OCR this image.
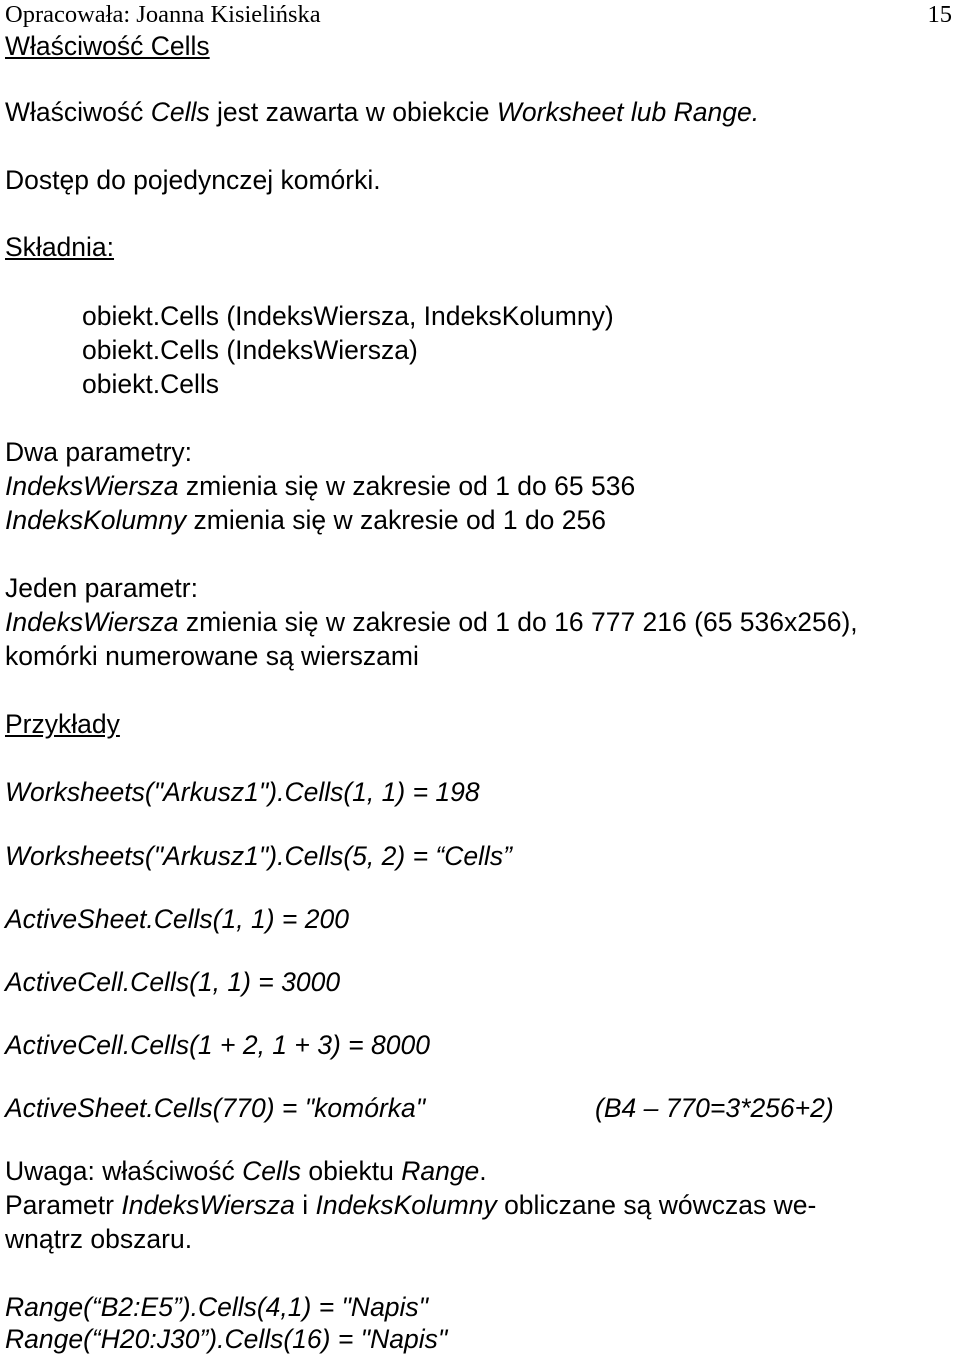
Opracowała: Joanna Kisielińska	15

Właściwość Cells

Właściwość Cells jest zawarta w obiekcie Worksheet lub Range.

Dostęp do pojedynczej komórki.

Składnia:

obiekt.Cells (IndeksWiersza, IndeksKolumny)

obiekt.Cells (IndeksWiersza)

obiekt.Cells

Dwa parametry:

IndeksWiersza zmienia się w zakresie od 1 do 65 536

IndeksKolumny zmienia się w zakresie od 1 do 256

Jeden parametr:

IndeksWiersza zmienia się w zakresie od 1 do 16 777 216 (65 536x256),

komórki numerowane są wierszami

Przykłady

Worksheets("Arkusz1").Cells(1, 1) = 198

Worksheets("Arkusz1").Cells(5, 2) = “Cells”

ActiveSheet.Cells(1, 1) = 200

ActiveCell.Cells(1, 1) = 3000

ActiveCell.Cells(1 + 2, 1 + 3) = 8000

ActiveSheet.Cells(770) = "komórka"	(B4 – 770=3*256+2)

Uwaga: właściwość Cells obiektu Range.

Parametr IndeksWiersza i IndeksKolumny obliczane są wówczas we-

wnątrz obszaru.

Range(“B2:E5”).Cells(4,1) = "Napis"

Range(“H20:J30”).Cells(16) = "Napis"
